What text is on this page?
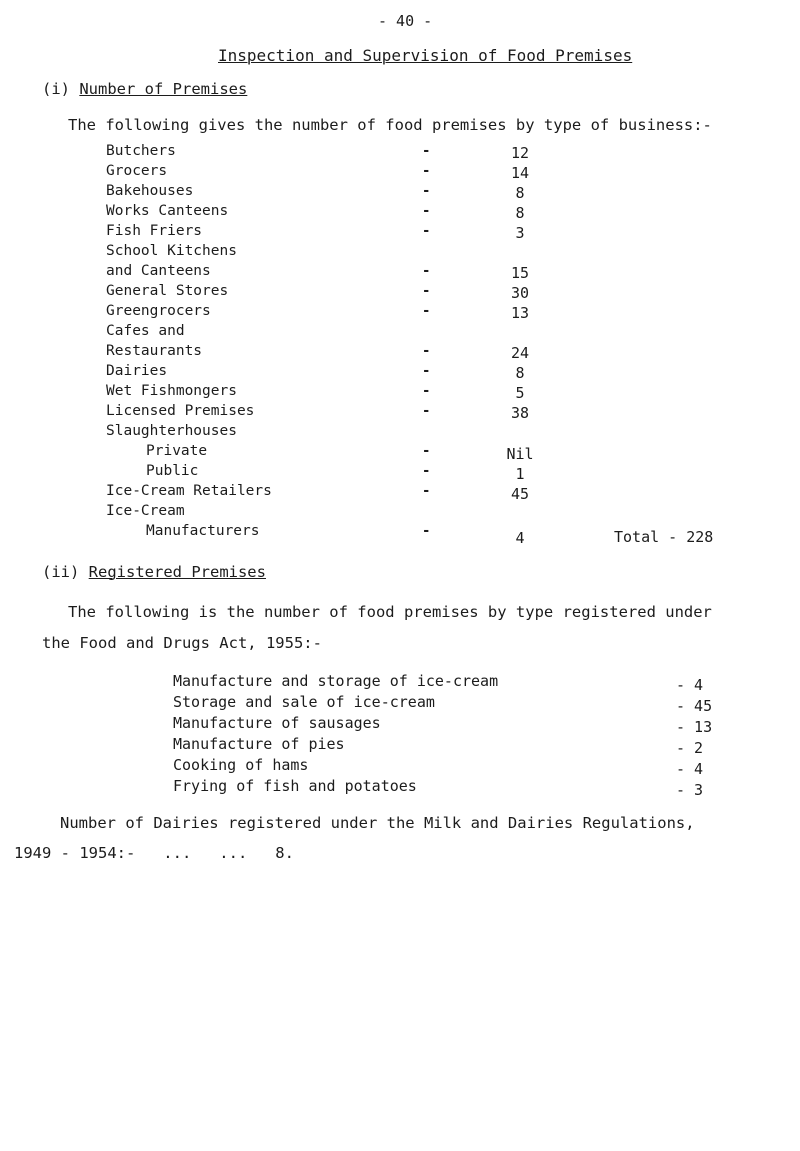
- 40 -
Inspection and Supervision of Food Premises
(i) Number of Premises
The following gives the number of food premises by type of business:-
Butchers
Grocers
Bakehouses
Works Canteens
Fish Friers
School Kitchens
and Canteens
General Stores
Greengrocers
Cafes and
Restaurants
Dairies
Wet Fishmongers
Licensed Premises
Slaughterhouses
Private
Public
Ice-Cream Retailers
Ice-Cream
Manufacturers
-
-
-
-
-
-
-
-
-
-
-
-
-
-
-
-
12
14
8
8
3
15
30
13
24
8
5
38
Nil
1
45
4	Total - 228
(ii) Registered Premises
The following is the number of food premises by type registered under
the Food and Drugs Act, 1955:-
Manufacture and storage of ice-cream
Storage and sale of ice-cream
Manufacture of sausages
Manufacture of pies
Cooking of hams
Frying of fish and potatoes
- 4
- 45
- 13
- 2
- 4
- 3
Number of Dairies registered under the Milk and Dairies Regulations,
1949 - 1954:-   ...   ...   8.
